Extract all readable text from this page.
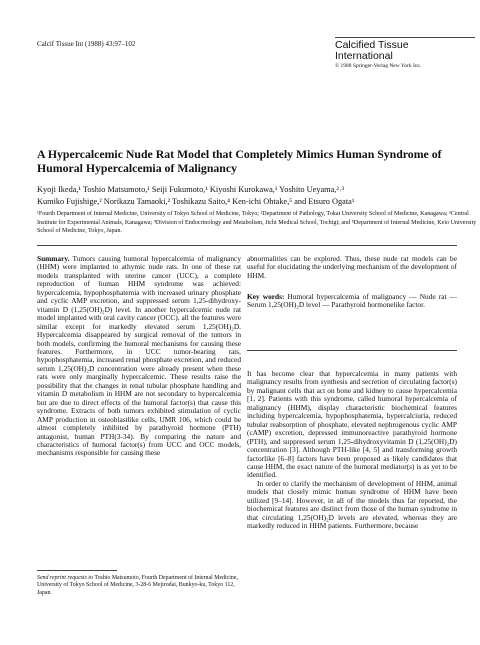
Calcif Tissue Int (1988) 43:97–102	Calcified Tissue
International
© 1988 Springer-Verlag New York Inc.
A Hypercalcemic Nude Rat Model that Completely Mimics Human Syndrome of Humoral Hypercalcemia of Malignancy
Kyoji Ikeda,¹ Toshio Matsumoto,¹ Seiji Fukumoto,¹ Kiyoshi Kurokawa,¹ Yoshito Ueyama,²˒³
Kumiko Fujishige,² Norikazu Tamaoki,² Toshikazu Saito,⁴ Ken-ichi Ohtake,⁵ and Etsuro Ogata¹
¹Fourth Department of Internal Medicine, University of Tokyo School of Medicine, Tokyo; ²Department of Pathology, Tokai University School of Medicine, Kanagawa; ³Central Institute for Experimental Animals, Kanagawa; ⁴Division of Endocrinology and Metabolism, Jichi Medical School, Tochigi; and ⁵Department of Internal Medicine, Keio University School of Medicine, Tokyo, Japan.

Summary. Tumors causing humoral hypercalcemia of malignancy (HHM) were implanted to athymic nude rats. In one of these rat models transplanted with uterine cancer (UCC), a complete reproduction of human HHM syndrome was achieved: hypercalcemia, hypophosphatemia with increased urinary phosphate and cyclic AMP excretion, and suppressed serum 1,25-dihydroxy-vitamin D (1,25(OH)₂D) level. In another hypercalcemic nude rat model implanted with oral cavity cancer (OCC), all the features were similar except for markedly elevated serum 1,25(OH)₂D. Hypercalcemia disappeared by surgical removal of the tumors in both models, confirming the humoral mechanisms for causing these features. Furthermore, in UCC tumor-bearing rats, hypophosphatemia, increased renal phosphate excretion, and reduced serum 1,25(OH)₂D concentration were already present when these rats were only marginally hypercalcemic. These results raise the possibility that the changes in renal tubular phosphate handling and vitamin D metabolism in HHM are not secondary to hypercalcemia but are due to direct effects of the humoral factor(s) that cause this syndrome. Extracts of both tumors exhibited stimulation of cyclic AMP production in osteoblastlike cells, UMR 106, which could be almost completely inhibited by parathyroid hormone (PTH) antagonist, human PTH(3-34). By comparing the nature and characteristics of humoral factor(s) from UCC and OCC models, mechanisms responsible for causing these

abnormalities can be explored. Thus, these nude rat models can be useful for elucidating the underlying mechanism of the development of HHM.

Key words: Humoral hypercalcemia of malignancy — Nude rat — Serum 1,25(OH)₂D level — Parathyroid hormonelike factor.

It has become clear that hypercalcemia in many patients with malignancy results from synthesis and secretion of circulating factor(s) by malignant cells that act on bone and kidney to cause hypercalcemia [1, 2]. Patients with this syndrome, called humoral hypercalcemia of malignancy (HHM), display characteristic biochemical features including hypercalcemia, hypophosphatemia, hypercalciuria, reduced tubular reabsorption of phosphate, elevated nephrogenous cyclic AMP (cAMP) excretion, depressed immunoreactive parathyroid hormone (PTH), and suppressed serum 1,25-dihydroxyvitamin D (1,25(OH)₂D) concentration [3]. Although PTH-like [4, 5] and transforming growth factorlike [6–8] factors have been proposed as likely candidates that cause HHM, the exact nature of the humoral mediator(s) is as yet to be identified.

In order to clarify the mechanism of development of HHM, animal models that closely mimic human syndrome of HHM have been utilized [9–14]. However, in all of the models thus far reported, the biochemical features are distinct from those of the human syndrome in that circulating 1,25(OH)₂D levels are elevated, whereas they are markedly reduced in HHM patients. Furthermore, because

Send reprint requests to Toshio Matsumoto, Fourth Department of Internal Medicine, University of Tokyo School of Medicine, 3-28-6 Mejirodai, Bunkyo-ku, Tokyo 112, Japan.
